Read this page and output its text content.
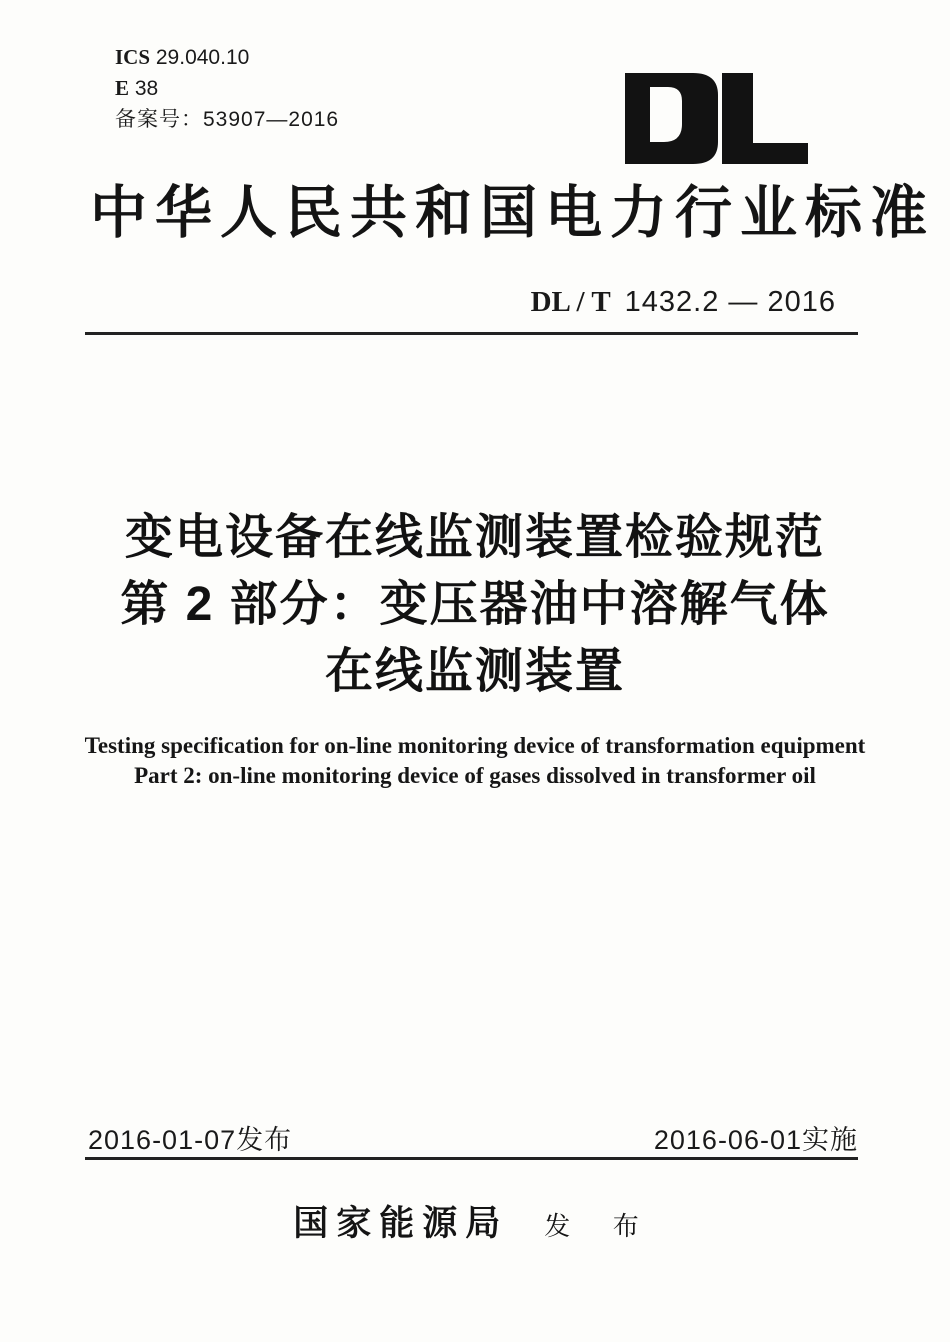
ICS 29.040.10
E 38
备案号：53907—2016
中华人民共和国电力行业标准
DL / T 1432.2 — 2016
变电设备在线监测装置检验规范
第 2 部分：变压器油中溶解气体
在线监测装置
Testing specification for on-line monitoring device of transformation equipment
Part 2: on-line monitoring device of gases dissolved in transformer oil
2016-01-07发布	2016-06-01实施
国家能源局 发 布
